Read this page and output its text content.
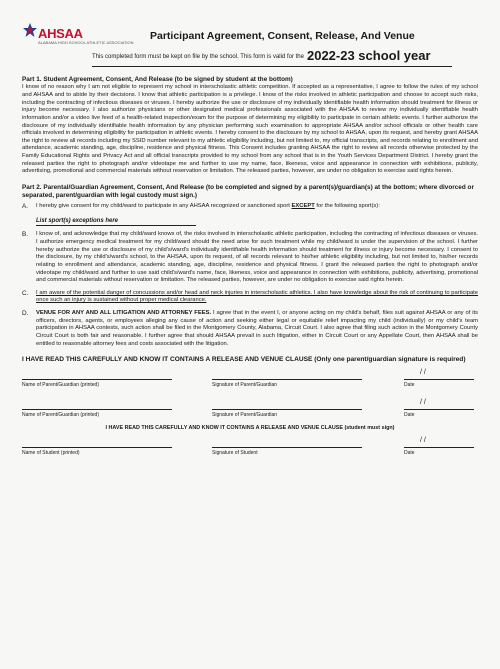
AHSAA
ALABAMA HIGH SCHOOL ATHLETIC ASSOCIATION
Participant Agreement, Consent, Release, And Venue
This completed form must be kept on file by the school. This form is valid for the 2022-23 school year
Part 1. Student Agreement, Consent, And Release (to be signed by student at the bottom)

I know of no reason why I am not eligible to represent my school in interscholastic athletic competition. If accepted as a representative, I agree to follow the rules of my school and AHSAA and to abide by their decisions. I know that athletic participation is a privilege. I know of the risks involved in athletic participation and choose to accept such risks, including the contracting of infectious diseases or viruses. I hereby authorize the use or disclosure of my individually identifiable health information should treatment for illness or injury become necessary. I also authorize physicians or other designated medical professionals associated with the AHSAA to review my individually identifiable health information and/or a video live feed of a health-related inspection/exam for the purpose of determining my eligibility to participate in certain athletic events. I further authorize the disclosure of my individually identifiable health information by any physician performing such examination to appropriate AHSAA and/or school officials or other health care officials involved in determining eligibility for participation in athletic events. I hereby consent to the disclosure by my school to AHSAA, upon its request, and hereby grant AHSAA the right to review all records including my SSID number relevant to my athletic eligibility including, but not limited to, my official transcripts, and records relating to enrollment and attendance, academic standing, age, discipline, residence and physical fitness. This Consent includes granting AHSAA the right to review all records otherwise protected by the Family Educational Rights and Privacy Act and all official transcripts provided to my school from any school that is in the Youth Services Department District. I hereby grant the released parties the right to photograph and/or videotape me and further to use my name, face, likeness, voice and appearance in connection with exhibitions, publicity, advertising, promotional and commercial materials without reservation or limitation. The released parties, however, are under no obligation to exercise said rights herein.

Part 2. Parental/Guardian Agreement, Consent, And Release (to be completed and signed by a parent(s)/guardian(s) at the bottom; where divorced or separated, parent/guardian with legal custody must sign.)
A.	I hereby give consent for my child/ward to participate in any AHSAA recognized or sanctioned sport EXCEPT for the following sport(s):
List sport(s) exceptions here
B.	I know of, and acknowledge that my child/ward knows of, the risks involved in interscholastic athletic participation, including the contracting of infectious diseases or viruses. I authorize emergency medical treatment for my child/ward should the need arise for such treatment while my child/ward is under the supervision of the school. I further hereby authorize the use or disclosure of my child's/ward's individually identifiable health information should treatment for illness or injury become necessary. I consent to the disclosure, by my child's/ward's school, to the AHSAA, upon its request, of all records relevant to his/her athletic eligibility including, but not limited to, his/her records relating to enrollment and attendance, academic standing, age, discipline, residence and physical fitness. I grant the released parties the right to photograph and/or videotape my child/ward and further to use said child's/ward's name, face, likeness, voice and appearance in connection with exhibitions, publicity, advertising, promotional and commercial materials without reservation or limitation. The released parties, however, are under no obligation to exercise said rights herein.
C.	I am aware of the potential danger of concussions and/or head and neck injuries in interscholastic athletics. I also have knowledge about the risk of continuing to participate once such an injury is sustained without proper medical clearance.
D.	VENUE FOR ANY AND ALL LITIGATION AND ATTORNEY FEES. I agree that in the event I, or anyone acting on my child's behalf, files suit against AHSAA or any of its officers, directors, agents, or employees alleging any cause of action and seeking either legal or equitable relief impacting my child (individually) or my child's team participation in AHSAA contests, such action shall be filed in the Montgomery County, Alabama, Circuit Court. I also agree that filing such action in the Montgomery County Circuit Court is both fair and reasonable. I further agree that should AHSAA prevail in such litigation, either in Circuit Court or any Appellate Court, then AHSAA shall be entitled to reasonable attorney fees and costs associated with the litigation.
I HAVE READ THIS CAREFULLY AND KNOW IT CONTAINS A RELEASE AND VENUE CLAUSE (Only one parent/guardian signature is required)
Name of Parent/Guardian (printed)	Signature of Parent/Guardian
/ /
Date
Name of Parent/Guardian (printed)	Signature of Parent/Guardian
/ /
Date
I HAVE READ THIS CAREFULLY AND KNOW IT CONTAINS A RELEASE AND VENUE CLAUSE (student must sign)
Name of Student (printed)	Signature of Student
/ /
Date
